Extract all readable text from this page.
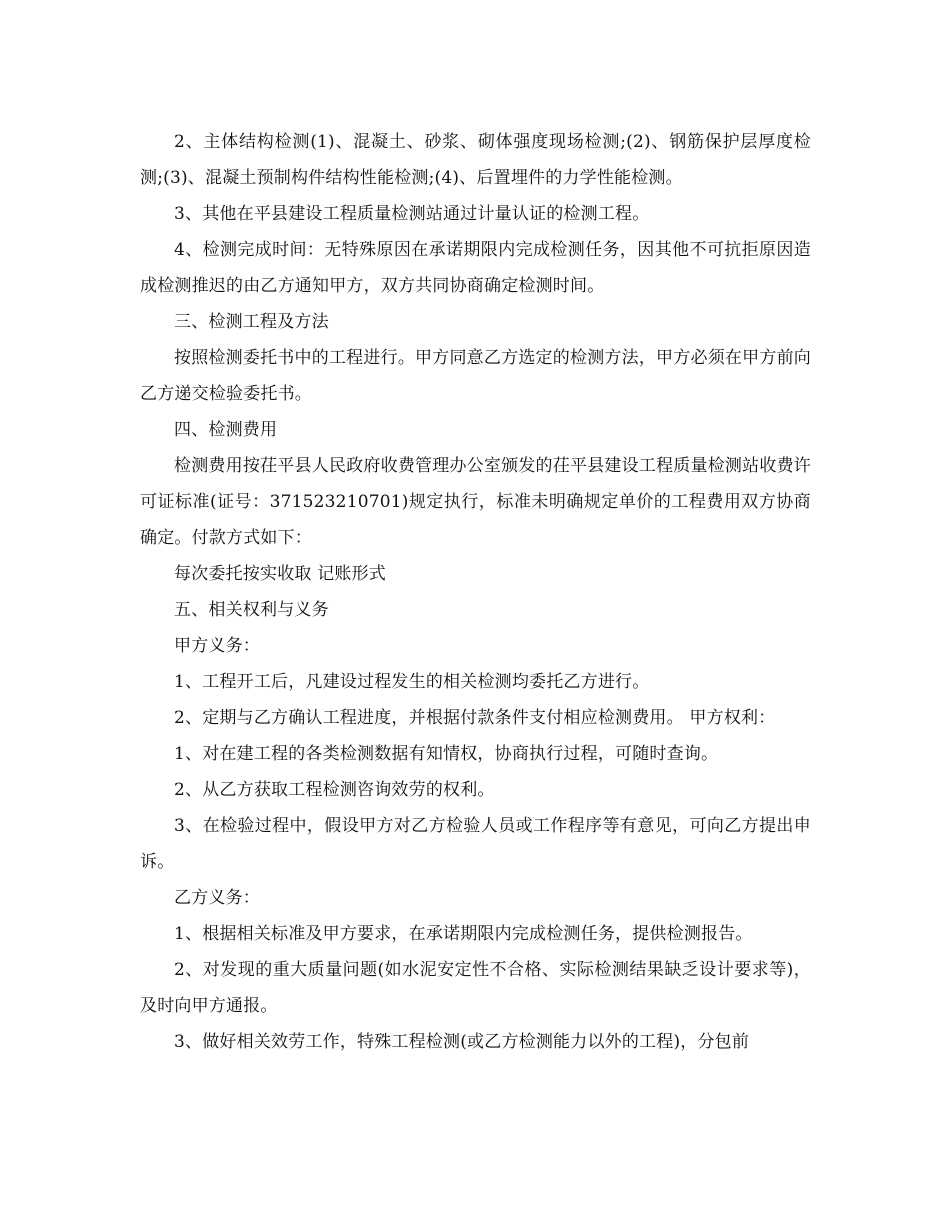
2、主体结构检测(1)、混凝土、砂浆、砌体强度现场检测;(2)、钢筋保护层厚度检测;(3)、混凝土预制构件结构性能检测;(4)、后置埋件的力学性能检测。

3、其他在平县建设工程质量检测站通过计量认证的检测工程。

4、检测完成时间：无特殊原因在承诺期限内完成检测任务，因其他不可抗拒原因造成检测推迟的由乙方通知甲方，双方共同协商确定检测时间。

三、检测工程及方法

按照检测委托书中的工程进行。甲方同意乙方选定的检测方法，甲方必须在甲方前向乙方递交检验委托书。

四、检测费用

检测费用按茌平县人民政府收费管理办公室颁发的茌平县建设工程质量检测站收费许可证标准(证号：371523210701)规定执行，标准未明确规定单价的工程费用双方协商确定。付款方式如下：

每次委托按实收取 记账形式

五、相关权利与义务

甲方义务：

1、工程开工后，凡建设过程发生的相关检测均委托乙方进行。

2、定期与乙方确认工程进度，并根据付款条件支付相应检测费用。 甲方权利：

1、对在建工程的各类检测数据有知情权，协商执行过程，可随时查询。

2、从乙方获取工程检测咨询效劳的权利。

3、在检验过程中，假设甲方对乙方检验人员或工作程序等有意见，可向乙方提出申诉。

乙方义务：

1、根据相关标准及甲方要求，在承诺期限内完成检测任务，提供检测报告。

2、对发现的重大质量问题(如水泥安定性不合格、实际检测结果缺乏设计要求等)，及时向甲方通报。

3、做好相关效劳工作，特殊工程检测(或乙方检测能力以外的工程)，分包前
